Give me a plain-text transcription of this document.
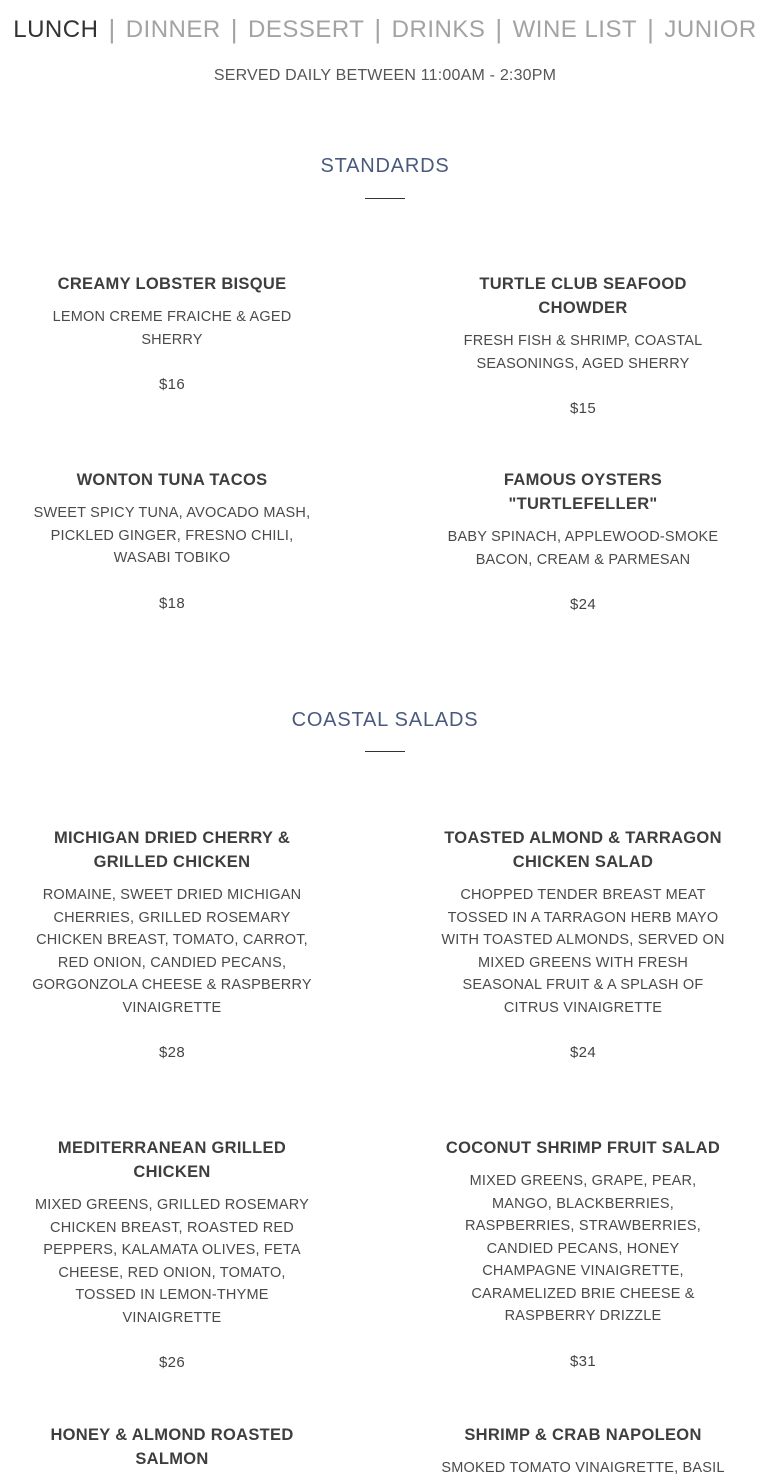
LUNCH | DINNER | DESSERT | DRINKS | WINE LIST | JUNIOR
SERVED DAILY BETWEEN 11:00AM - 2:30PM
STANDARDS
CREAMY LOBSTER BISQUE
LEMON CREME FRAICHE & AGED SHERRY
$16
TURTLE CLUB SEAFOOD CHOWDER
FRESH FISH & SHRIMP, COASTAL SEASONINGS, AGED SHERRY
$15
WONTON TUNA TACOS
SWEET SPICY TUNA, AVOCADO MASH, PICKLED GINGER, FRESNO CHILI, WASABI TOBIKO
$18
FAMOUS OYSTERS "TURTLEFELLER"
BABY SPINACH, APPLEWOOD-SMOKE BACON, CREAM & PARMESAN
$24
COASTAL SALADS
MICHIGAN DRIED CHERRY & GRILLED CHICKEN
ROMAINE, SWEET DRIED MICHIGAN CHERRIES, GRILLED ROSEMARY CHICKEN BREAST, TOMATO, CARROT, RED ONION, CANDIED PECANS, GORGONZOLA CHEESE & RASPBERRY VINAIGRETTE
$28
TOASTED ALMOND & TARRAGON CHICKEN SALAD
CHOPPED TENDER BREAST MEAT TOSSED IN A TARRAGON HERB MAYO WITH TOASTED ALMONDS, SERVED ON MIXED GREENS WITH FRESH SEASONAL FRUIT & A SPLASH OF CITRUS VINAIGRETTE
$24
MEDITERRANEAN GRILLED CHICKEN
MIXED GREENS, GRILLED ROSEMARY CHICKEN BREAST, ROASTED RED PEPPERS, KALAMATA OLIVES, FETA CHEESE, RED ONION, TOMATO, TOSSED IN LEMON-THYME VINAIGRETTE
$26
COCONUT SHRIMP FRUIT SALAD
MIXED GREENS, GRAPE, PEAR, MANGO, BLACKBERRIES, RASPBERRIES, STRAWBERRIES, CANDIED PECANS, HONEY CHAMPAGNE VINAIGRETTE, CARAMELIZED BRIE CHEESE & RASPBERRY DRIZZLE
$31
HONEY & ALMOND ROASTED SALMON
SHRIMP & CRAB NAPOLEON
SMOKED TOMATO VINAIGRETTE, BASIL
